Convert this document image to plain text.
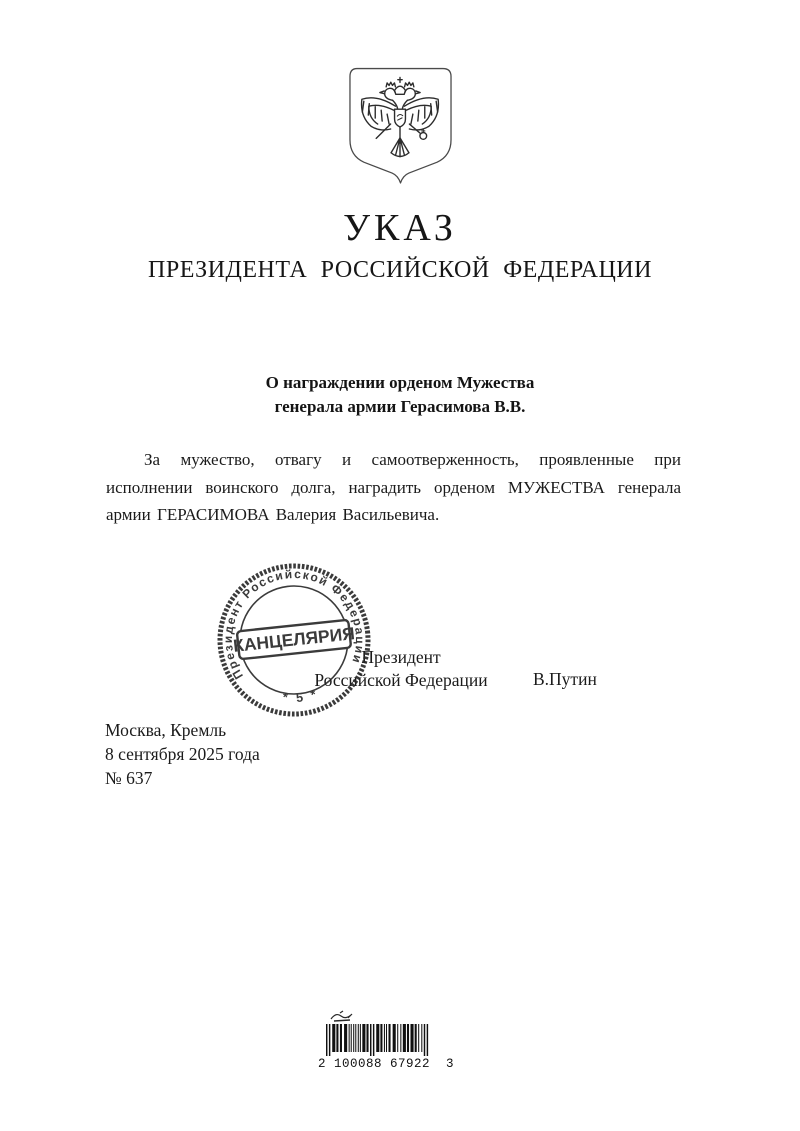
УКАЗ
ПРЕЗИДЕНТА РОССИЙСКОЙ ФЕДЕРАЦИИ
О награждении орденом Мужества
генерала армии Герасимова В.В.

За мужество, отвагу и самоотверженность, проявленные при исполнении воинского долга, наградить орденом МУЖЕСТВА генерала армии ГЕРАСИМОВА Валерия Васильевича.

Президент
Российской Федерации	В.Путин
Москва, Кремль
8 сентября 2025 года
№ 637
Президент Российской Федерации
* 5 *
КАНЦЕЛЯРИЯ
2 100088 67922  3
